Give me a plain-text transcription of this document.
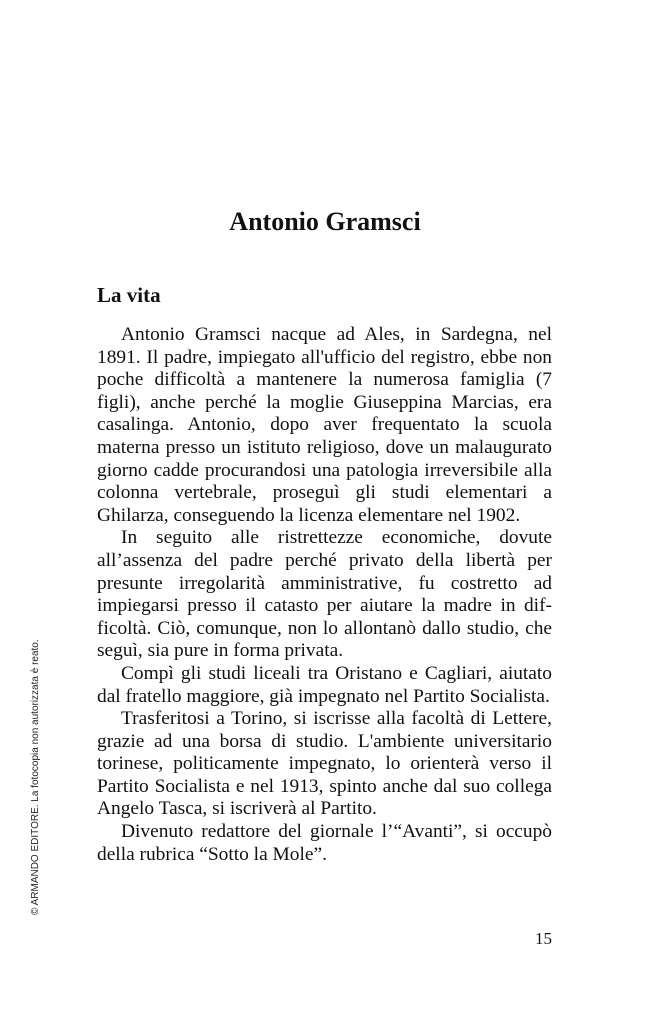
Antonio Gramsci
La vita

Antonio Gramsci nacque ad Ales, in Sardegna, nel 1891. Il padre, impiegato all'ufficio del registro, ebbe non poche difficoltà a mantenere la numerosa famiglia (7 figli), anche perché la moglie Giuseppina Marcias, era casalinga. Antonio, dopo aver frequentato la scuola materna presso un istituto religioso, dove un malaugurato giorno cadde procurandosi una patologia irreversibile alla colonna vertebrale, proseguì gli studi elementari a Ghilarza, conseguendo la licenza elementare nel 1902.

In seguito alle ristrettezze economiche, dovute all’assenza del padre perché privato della libertà per presunte irregolarità amministrative, fu costretto ad impiegarsi presso il catasto per aiutare la madre in difficoltà. Ciò, comunque, non lo allontanò dallo studio, che seguì, sia pure in forma privata.

Compì gli studi liceali tra Oristano e Cagliari, aiutato dal fratello maggiore, già impegnato nel Partito Socialista.

Trasferitosi a Torino, si iscrisse alla facoltà di Lettere, grazie ad una borsa di studio. L'ambiente universitario torinese, politicamente impegnato, lo orienterà verso il Partito Socialista e nel 1913, spinto anche dal suo collega Angelo Tasca, si iscriverà al Partito.

Divenuto redattore del giornale l’“Avanti”, si occupò della rubrica “Sotto la Mole”.

© ARMANDO EDITORE. La fotocopia non autorizzata è reato.
15
